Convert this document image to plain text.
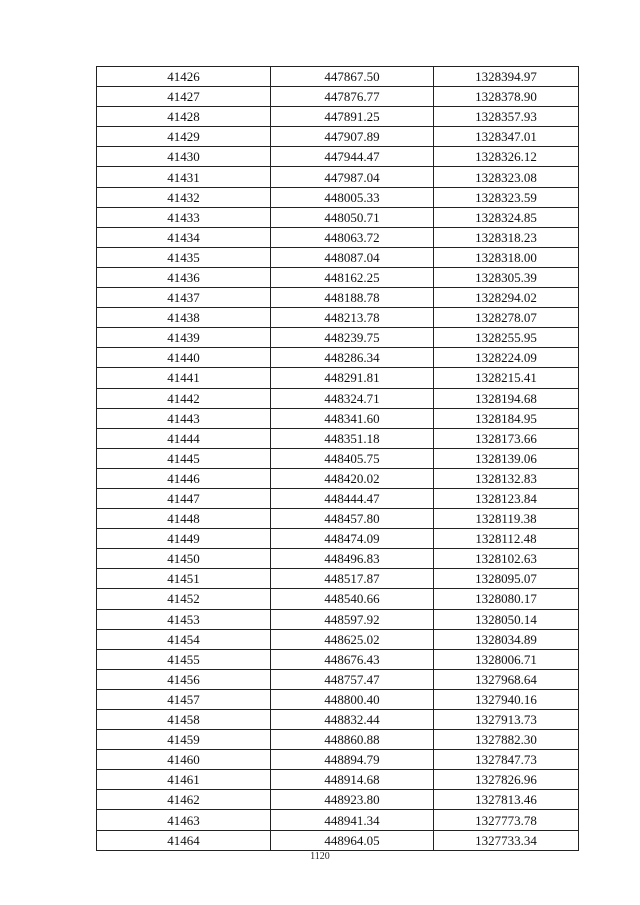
41426	447867.50	1328394.97
41427	447876.77	1328378.90
41428	447891.25	1328357.93
41429	447907.89	1328347.01
41430	447944.47	1328326.12
41431	447987.04	1328323.08
41432	448005.33	1328323.59
41433	448050.71	1328324.85
41434	448063.72	1328318.23
41435	448087.04	1328318.00
41436	448162.25	1328305.39
41437	448188.78	1328294.02
41438	448213.78	1328278.07
41439	448239.75	1328255.95
41440	448286.34	1328224.09
41441	448291.81	1328215.41
41442	448324.71	1328194.68
41443	448341.60	1328184.95
41444	448351.18	1328173.66
41445	448405.75	1328139.06
41446	448420.02	1328132.83
41447	448444.47	1328123.84
41448	448457.80	1328119.38
41449	448474.09	1328112.48
41450	448496.83	1328102.63
41451	448517.87	1328095.07
41452	448540.66	1328080.17
41453	448597.92	1328050.14
41454	448625.02	1328034.89
41455	448676.43	1328006.71
41456	448757.47	1327968.64
41457	448800.40	1327940.16
41458	448832.44	1327913.73
41459	448860.88	1327882.30
41460	448894.79	1327847.73
41461	448914.68	1327826.96
41462	448923.80	1327813.46
41463	448941.34	1327773.78
41464	448964.05	1327733.34
1120
